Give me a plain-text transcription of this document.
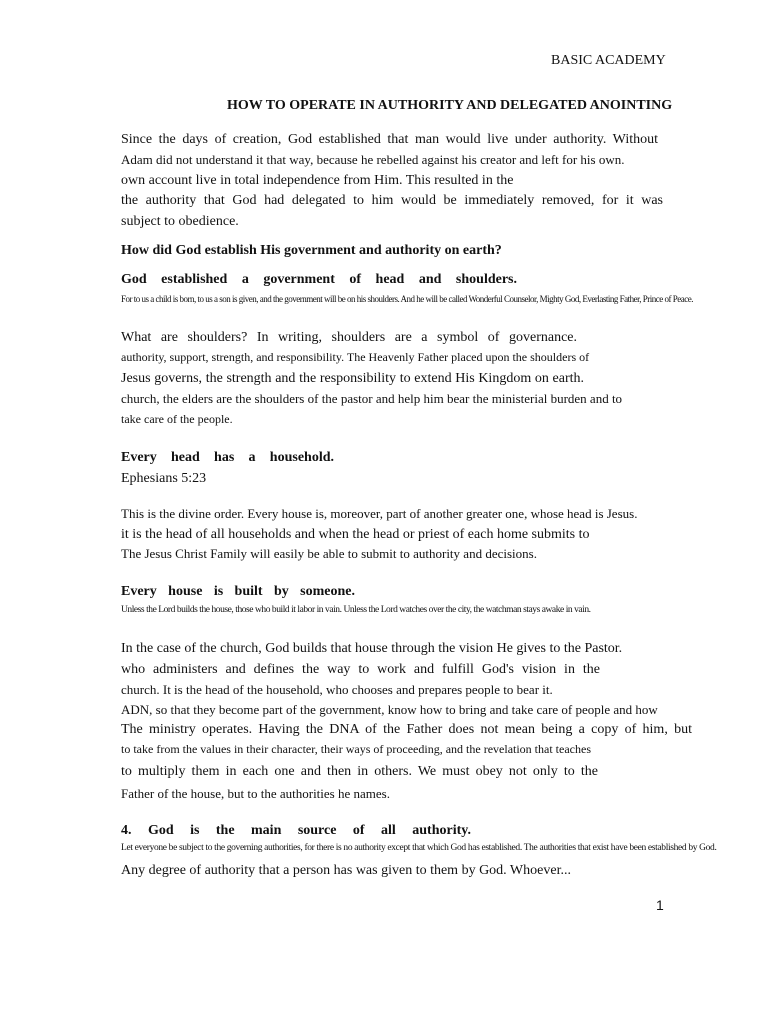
BASIC ACADEMY
HOW TO OPERATE IN AUTHORITY AND DELEGATED ANOINTING
Since the days of creation, God established that man would live under authority. Without
Adam did not understand it that way, because he rebelled against his creator and left for his own.
own account live in total independence from Him. This resulted in the
the authority that God had delegated to him would be immediately removed, for it was
subject to obedience.
How did God establish His government and authority on earth?
God established a government of head and shoulders.
For to us a child is born, to us a son is given, and the government will be on his shoulders. And he will be called Wonderful Counselor, Mighty God, Everlasting Father, Prince of Peace.
What are shoulders? In writing, shoulders are a symbol of governance.
authority, support, strength, and responsibility. The Heavenly Father placed upon the shoulders of
Jesus governs, the strength and the responsibility to extend His Kingdom on earth.
church, the elders are the shoulders of the pastor and help him bear the ministerial burden and to
take care of the people.
Every head has a household.
Ephesians 5:23
This is the divine order. Every house is, moreover, part of another greater one, whose head is Jesus.
it is the head of all households and when the head or priest of each home submits to
The Jesus Christ Family will easily be able to submit to authority and decisions.
Every house is built by someone.
Unless the Lord builds the house, those who build it labor in vain. Unless the Lord watches over the city, the watchman stays awake in vain.
In the case of the church, God builds that house through the vision He gives to the Pastor.
who administers and defines the way to work and fulfill God's vision in the
church. It is the head of the household, who chooses and prepares people to bear it.
ADN, so that they become part of the government, know how to bring and take care of people and how
The ministry operates. Having the DNA of the Father does not mean being a copy of him, but
to take from the values in their character, their ways of proceeding, and the revelation that teaches
to multiply them in each one and then in others. We must obey not only to the
Father of the house, but to the authorities he names.
4. God is the main source of all authority.
Let everyone be subject to the governing authorities, for there is no authority except that which God has established. The authorities that exist have been established by God.
Any degree of authority that a person has was given to them by God. Whoever...
1
